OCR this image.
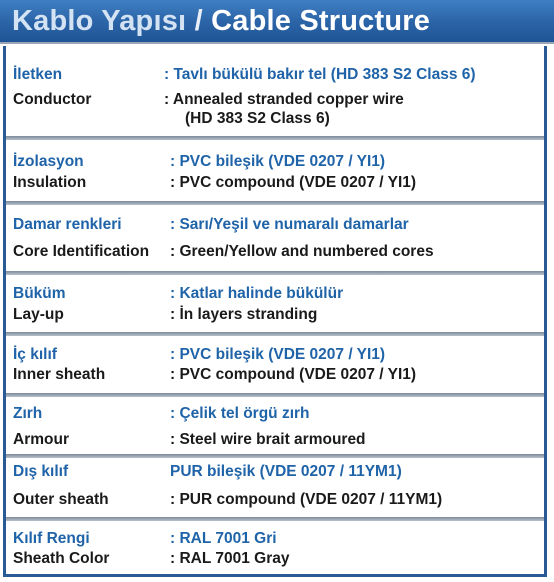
Kablo Yapısı / Cable Structure
İletken	: Tavlı bükülü bakır tel (HD 383 S2 Class 6)
Conductor	: Annealed stranded copper wire
(HD 383 S2 Class 6)
İzolasyon	: PVC bileşik (VDE 0207 / YI1)
Insulation	: PVC compound (VDE 0207 / YI1)
Damar renkleri	: Sarı/Yeşil ve numaralı damarlar
Core Identification : Green/Yellow and numbered cores
Büküm	: Katlar halinde bükülür
Lay-up	: İn layers stranding
İç kılıf	: PVC bileşik (VDE 0207 / YI1)
Inner sheath	: PVC compound (VDE 0207 / YI1)
Zırh	: Çelik tel örgü zırh
Armour	: Steel wire brait armoured
Dış kılıf	PUR bileşik (VDE 0207 / 11YM1)
Outer sheath	: PUR compound (VDE 0207 / 11YM1)
Kılıf Rengi	: RAL 7001 Gri
Sheath Color	: RAL 7001 Gray
